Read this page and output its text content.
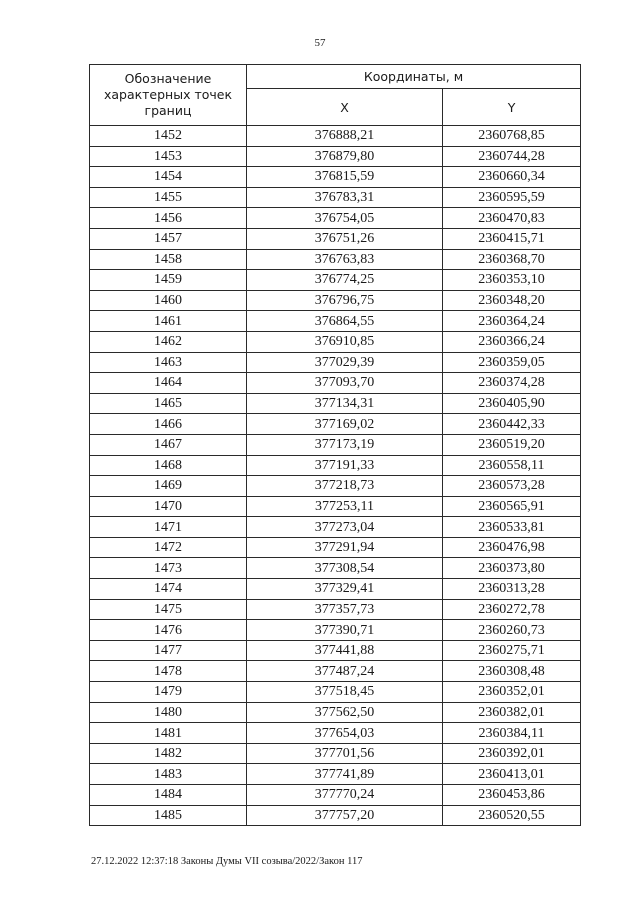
57
Обозначение характерных точек границ	Координаты, м	
	X	Y
1452	376888,21	2360768,85
1453	376879,80	2360744,28
1454	376815,59	2360660,34
1455	376783,31	2360595,59
1456	376754,05	2360470,83
1457	376751,26	2360415,71
1458	376763,83	2360368,70
1459	376774,25	2360353,10
1460	376796,75	2360348,20
1461	376864,55	2360364,24
1462	376910,85	2360366,24
1463	377029,39	2360359,05
1464	377093,70	2360374,28
1465	377134,31	2360405,90
1466	377169,02	2360442,33
1467	377173,19	2360519,20
1468	377191,33	2360558,11
1469	377218,73	2360573,28
1470	377253,11	2360565,91
1471	377273,04	2360533,81
1472	377291,94	2360476,98
1473	377308,54	2360373,80
1474	377329,41	2360313,28
1475	377357,73	2360272,78
1476	377390,71	2360260,73
1477	377441,88	2360275,71
1478	377487,24	2360308,48
1479	377518,45	2360352,01
1480	377562,50	2360382,01
1481	377654,03	2360384,11
1482	377701,56	2360392,01
1483	377741,89	2360413,01
1484	377770,24	2360453,86
1485	377757,20	2360520,55
27.12.2022 12:37:18 Законы Думы VII созыва/2022/Закон 117
